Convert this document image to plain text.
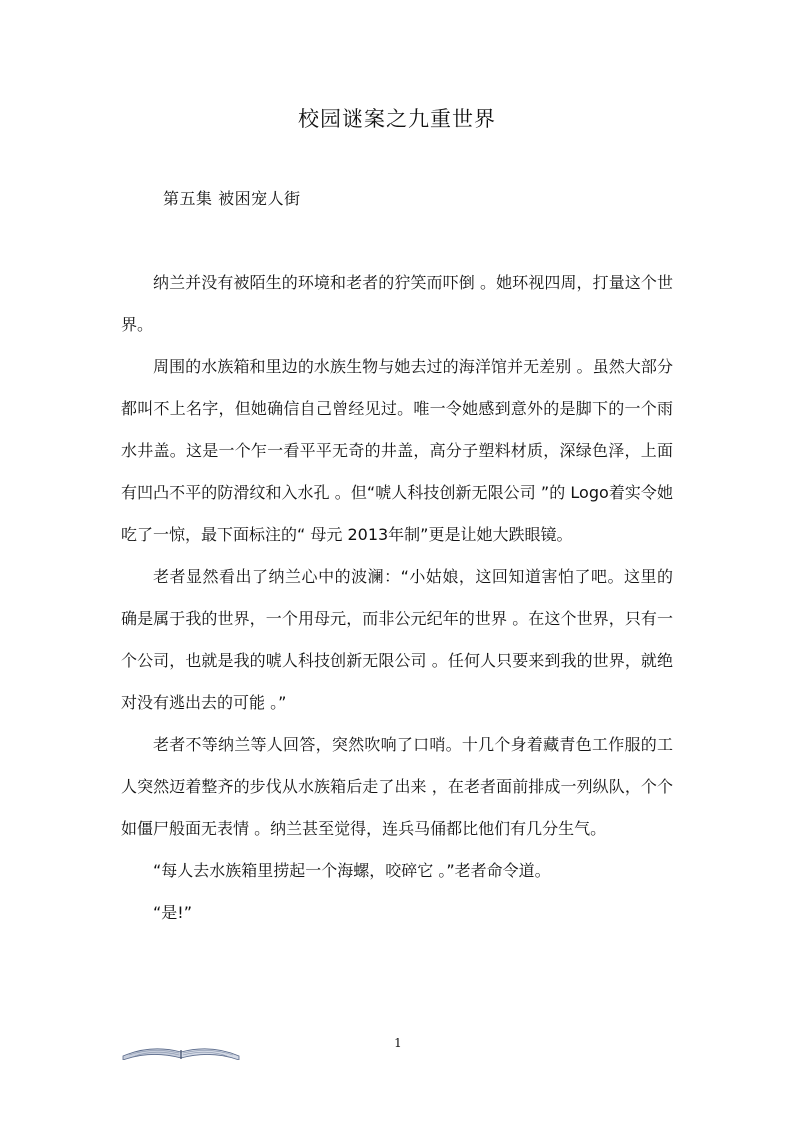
校园谜案之九重世界
第五集 被困宠人街

纳兰并没有被陌生的环境和老者的狞笑而吓倒 。她环视四周，打量这个世界。

周围的水族箱和里边的水族生物与她去过的海洋馆并无差别 。虽然大部分都叫不上名字，但她确信自己曾经见过。唯一令她感到意外的是脚下的一个雨水井盖。这是一个乍一看平平无奇的井盖，高分子塑料材质，深绿色泽，上面有凹凸不平的防滑纹和入水孔 。但“唬人科技创新无限公司 ”的 Logo着实令她吃了一惊，最下面标注的“ 母元 2013年制”更是让她大跌眼镜。

老者显然看出了纳兰心中的波澜：“小姑娘，这回知道害怕了吧。这里的确是属于我的世界，一个用母元，而非公元纪年的世界 。在这个世界，只有一个公司，也就是我的唬人科技创新无限公司 。任何人只要来到我的世界，就绝对没有逃出去的可能 。”

老者不等纳兰等人回答，突然吹响了口哨。十几个身着藏青色工作服的工人突然迈着整齐的步伐从水族箱后走了出来 ，在老者面前排成一列纵队，个个如僵尸般面无表情 。纳兰甚至觉得，连兵马俑都比他们有几分生气。

“每人去水族箱里捞起一个海螺，咬碎它 。”老者命令道。

“是!”

1
